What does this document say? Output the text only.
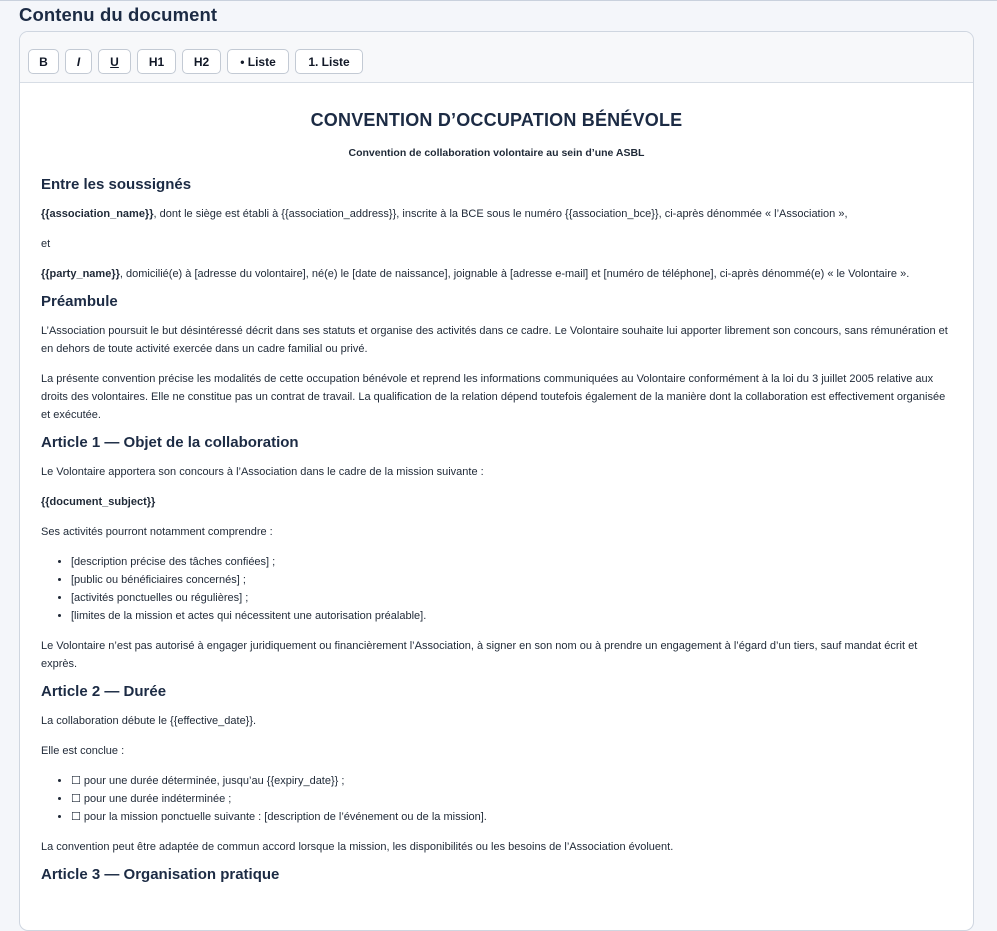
Contenu du document
B	I	U	H1	H2	• Liste	1. Liste
CONVENTION D’OCCUPATION BÉNÉVOLE
Convention de collaboration volontaire au sein d’une ASBL
Entre les soussignés

{{association_name}}, dont le siège est établi à {{association_address}}, inscrite à la BCE sous le numéro {{association_bce}}, ci-après dénommée « l’Association »,

et

{{party_name}}, domicilié(e) à [adresse du volontaire], né(e) le [date de naissance], joignable à [adresse e-mail] et [numéro de téléphone], ci-après dénommé(e) « le Volontaire ».

Préambule

L’Association poursuit le but désintéressé décrit dans ses statuts et organise des activités dans ce cadre. Le Volontaire souhaite lui apporter librement son concours, sans rémunération et en dehors de toute activité exercée dans un cadre familial ou privé.

La présente convention précise les modalités de cette occupation bénévole et reprend les informations communiquées au Volontaire conformément à la loi du 3 juillet 2005 relative aux droits des volontaires. Elle ne constitue pas un contrat de travail. La qualification de la relation dépend toutefois également de la manière dont la collaboration est effectivement organisée et exécutée.

Article 1 — Objet de la collaboration

Le Volontaire apportera son concours à l’Association dans le cadre de la mission suivante :

{{document_subject}}

Ses activités pourront notamment comprendre :

• [description précise des tâches confiées] ;
• [public ou bénéficiaires concernés] ;
• [activités ponctuelles ou régulières] ;
• [limites de la mission et actes qui nécessitent une autorisation préalable].

Le Volontaire n’est pas autorisé à engager juridiquement ou financièrement l’Association, à signer en son nom ou à prendre un engagement à l’égard d’un tiers, sauf mandat écrit et exprès.

Article 2 — Durée

La collaboration débute le {{effective_date}}.

Elle est conclue :

• ☐ pour une durée déterminée, jusqu’au {{expiry_date}} ;
• ☐ pour une durée indéterminée ;
• ☐ pour la mission ponctuelle suivante : [description de l’événement ou de la mission].

La convention peut être adaptée de commun accord lorsque la mission, les disponibilités ou les besoins de l’Association évoluent.

Article 3 — Organisation pratique
